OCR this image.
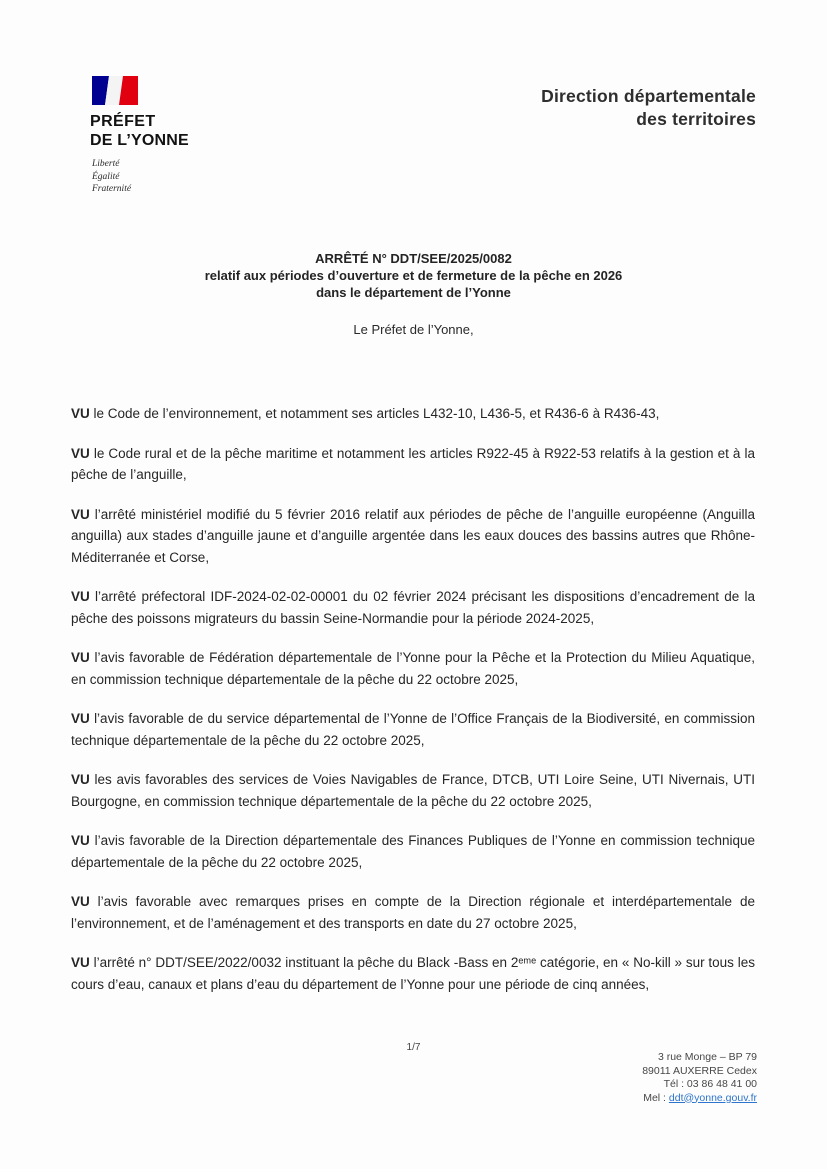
PRÉFET
DE L’YONNE
Liberté
Égalité
Fraternité
Direction départementale
des territoires
ARRÊTÉ N° DDT/SEE/2025/0082
relatif aux périodes d’ouverture et de fermeture de la pêche en 2026
dans le département de l’Yonne
Le Préfet de l’Yonne,

VU le Code de l’environnement, et notamment ses articles L432-10, L436-5, et R436-6 à R436-43,

VU le Code rural et de la pêche maritime et notamment les articles R922-45 à R922-53 relatifs à la gestion et à la pêche de l’anguille,

VU l’arrêté ministériel modifié du 5 février 2016 relatif aux périodes de pêche de l’anguille européenne (Anguilla anguilla) aux stades d’anguille jaune et d’anguille argentée dans les eaux douces des bassins autres que Rhône-Méditerranée et Corse,

VU l’arrêté préfectoral IDF-2024-02-02-00001 du 02 février 2024 précisant les dispositions d’encadrement de la pêche des poissons migrateurs du bassin Seine-Normandie pour la période 2024-2025,

VU l’avis favorable de Fédération départementale de l’Yonne pour la Pêche et la Protection du Milieu Aquatique, en commission technique départementale de la pêche du 22 octobre 2025,

VU l’avis favorable de du service départemental de l’Yonne de l’Office Français de la Biodiversité, en commission technique départementale de la pêche du 22 octobre 2025,

VU les avis favorables des services de Voies Navigables de France, DTCB, UTI Loire Seine, UTI Nivernais, UTI Bourgogne, en commission technique départementale de la pêche du 22 octobre 2025,

VU l’avis favorable de la Direction départementale des Finances Publiques de l’Yonne en commission technique départementale de la pêche du 22 octobre 2025,

VU l’avis favorable avec remarques prises en compte de la Direction régionale et interdépartementale de l’environnement, et de l’aménagement et des transports en date du 27 octobre 2025,

VU l’arrêté n° DDT/SEE/2022/0032 instituant la pêche du Black -Bass en 2ᵉᵐᵉ catégorie, en « No-kill » sur tous les cours d’eau, canaux et plans d’eau du département de l’Yonne pour une période de cinq années,

1/7
3 rue Monge – BP 79
89011 AUXERRE Cedex
Tél : 03 86 48 41 00
Mel : ddt@yonne.gouv.fr
